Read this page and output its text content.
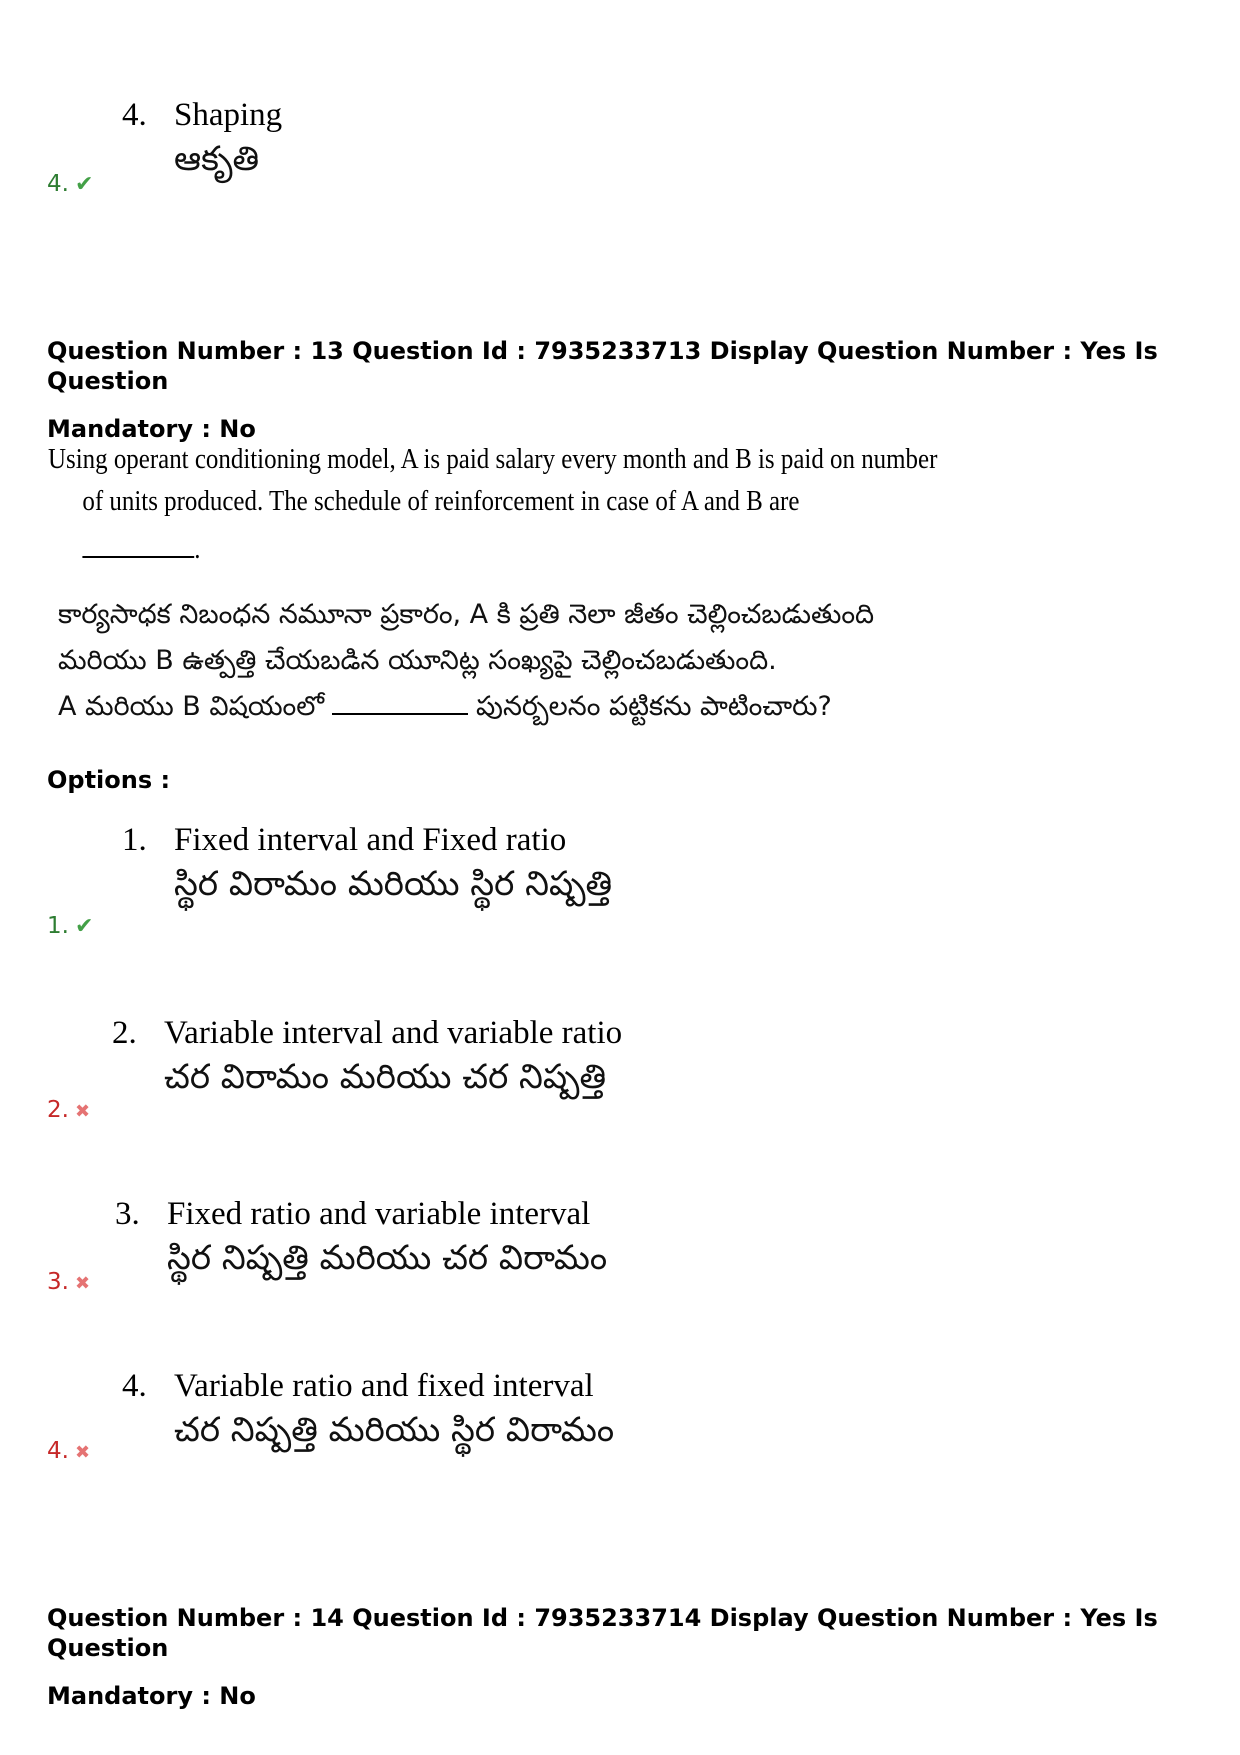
4. Shaping
ఆకృతి
4. ✔
Question Number : 13 Question Id : 7935233713 Display Question Number : Yes Is Question
Mandatory : No
Using operant conditioning model, A is paid salary every month and B is paid on number
of units produced. The schedule of reinforcement in case of A and B are
.
కార్యసాధక నిబంధన నమూనా ప్రకారం, A కి ప్రతి నెలా జీతం చెల్లించబడుతుంది
మరియు B ఉత్పత్తి చేయబడిన యూనిట్ల సంఖ్యపై చెల్లించబడుతుంది.
A మరియు B విషయంలో	పునర్బలనం పట్టికను పాటించారు?
Options :
1. Fixed interval and Fixed ratio
స్థిర విరామం మరియు స్థిర నిష్పత్తి
1. ✔
2. Variable interval and variable ratio
చర విరామం మరియు చర నిష్పత్తి
2. ✖
3. Fixed ratio and variable interval
స్థిర నిష్పత్తి మరియు చర విరామం
3. ✖
4. Variable ratio and fixed interval
చర నిష్పత్తి మరియు స్థిర విరామం
4. ✖
Question Number : 14 Question Id : 7935233714 Display Question Number : Yes Is Question
Mandatory : No
